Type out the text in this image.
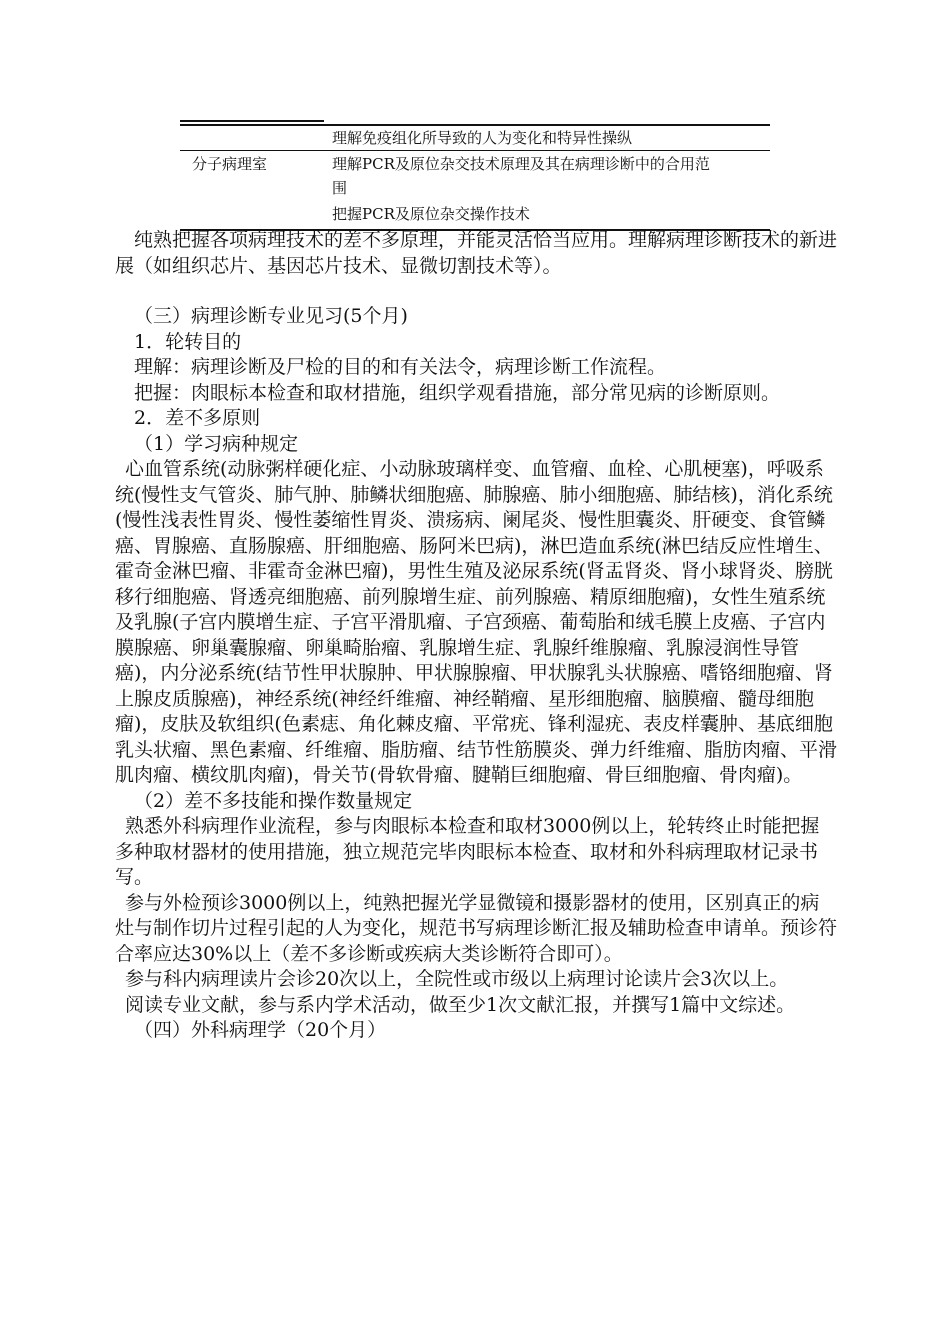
理解免疫组化所导致的人为变化和特异性操纵
分子病理室	理解PCR及原位杂交技术原理及其在病理诊断中的合用范
围
把握PCR及原位杂交操作技术

纯熟把握各项病理技术的差不多原理，并能灵活恰当应用。理解病理诊断技术的新进展（如组织芯片、基因芯片技术、显微切割技术等）。

（三）病理诊断专业见习(5个月)

1．轮转目的

理解：病理诊断及尸检的目的和有关法令，病理诊断工作流程。

把握：肉眼标本检查和取材措施，组织学观看措施，部分常见病的诊断原则。

2．差不多原则

（1）学习病种规定

心血管系统(动脉粥样硬化症、小动脉玻璃样变、血管瘤、血栓、心肌梗塞)，呼吸系统(慢性支气管炎、肺气肿、肺鳞状细胞癌、肺腺癌、肺小细胞癌、肺结核)，消化系统(慢性浅表性胃炎、慢性萎缩性胃炎、溃疡病、阑尾炎、慢性胆囊炎、肝硬变、食管鳞癌、胃腺癌、直肠腺癌、肝细胞癌、肠阿米巴病)，淋巴造血系统(淋巴结反应性增生、霍奇金淋巴瘤、非霍奇金淋巴瘤)，男性生殖及泌尿系统(肾盂肾炎、肾小球肾炎、膀胱移行细胞癌、肾透亮细胞癌、前列腺增生症、前列腺癌、精原细胞瘤)，女性生殖系统及乳腺(子宫内膜增生症、子宫平滑肌瘤、子宫颈癌、葡萄胎和绒毛膜上皮癌、子宫内膜腺癌、卵巢囊腺瘤、卵巢畸胎瘤、乳腺增生症、乳腺纤维腺瘤、乳腺浸润性导管癌)，内分泌系统(结节性甲状腺肿、甲状腺腺瘤、甲状腺乳头状腺癌、嗜铬细胞瘤、肾上腺皮质腺癌)，神经系统(神经纤维瘤、神经鞘瘤、星形细胞瘤、脑膜瘤、髓母细胞瘤)，皮肤及软组织(色素痣、角化棘皮瘤、平常疣、锋利湿疣、表皮样囊肿、基底细胞乳头状瘤、黑色素瘤、纤维瘤、脂肪瘤、结节性筋膜炎、弹力纤维瘤、脂肪肉瘤、平滑肌肉瘤、横纹肌肉瘤)，骨关节(骨软骨瘤、腱鞘巨细胞瘤、骨巨细胞瘤、骨肉瘤)。

（2）差不多技能和操作数量规定

熟悉外科病理作业流程，参与肉眼标本检查和取材3000例以上，轮转终止时能把握多种取材器材的使用措施，独立规范完毕肉眼标本检查、取材和外科病理取材记录书写。

参与外检预诊3000例以上，纯熟把握光学显微镜和摄影器材的使用，区别真正的病灶与制作切片过程引起的人为变化，规范书写病理诊断汇报及辅助检查申请单。预诊符合率应达30%以上（差不多诊断或疾病大类诊断符合即可）。

参与科内病理读片会诊20次以上，全院性或市级以上病理讨论读片会3次以上。

阅读专业文献，参与系内学术活动，做至少1次文献汇报，并撰写1篇中文综述。

（四）外科病理学（20个月）
